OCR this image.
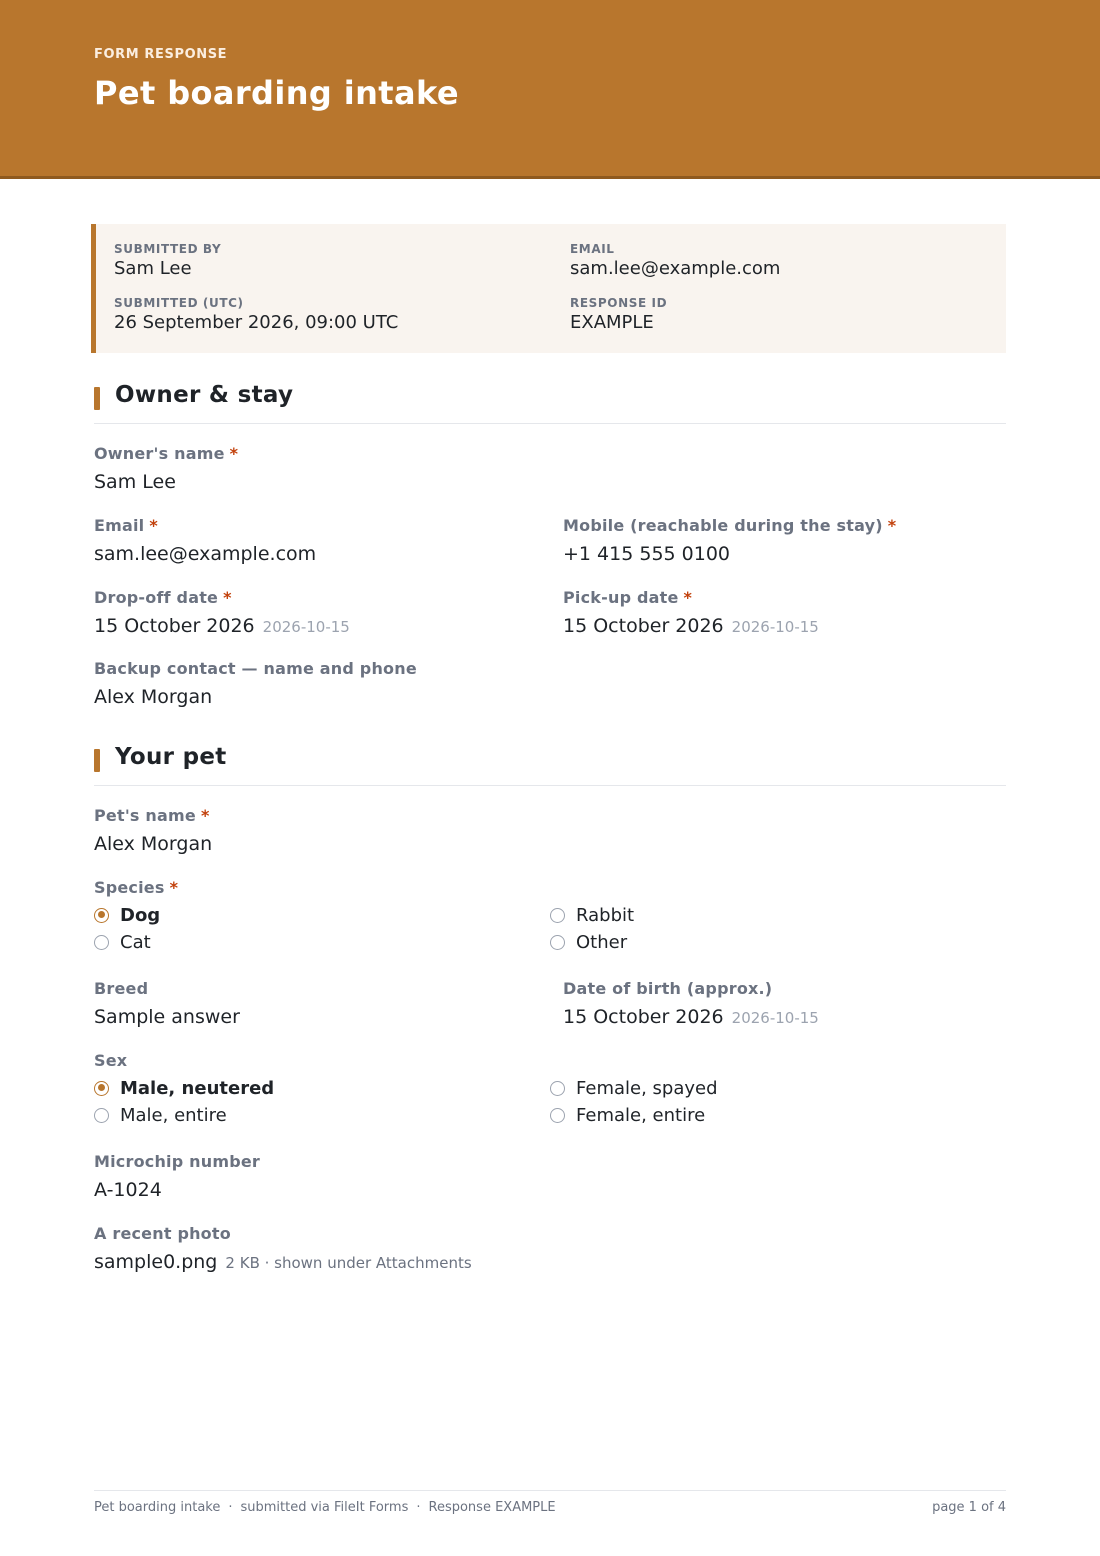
FORM RESPONSE
Pet boarding intake
SUBMITTED BY
Sam Lee
EMAIL
sam.lee@example.com
SUBMITTED (UTC)
26 September 2026, 09:00 UTC
RESPONSE ID
EXAMPLE
Owner & stay
Owner's name *
Sam Lee
Email *
sam.lee@example.com
Mobile (reachable during the stay) *
+1 415 555 0100
Drop-off date *
15 October 2026 2026-10-15
Pick-up date *
15 October 2026 2026-10-15
Backup contact — name and phone
Alex Morgan
Your pet
Pet's name *
Alex Morgan
Species *
Dog
Cat
Rabbit
Other
Breed
Sample answer
Date of birth (approx.)
15 October 2026 2026-10-15
Sex
Male, neutered
Male, entire
Female, spayed
Female, entire
Microchip number
A-1024
A recent photo
sample0.png 2 KB · shown under Attachments
Pet boarding intake · submitted via FileIt Forms · Response EXAMPLE	page 1 of 4
